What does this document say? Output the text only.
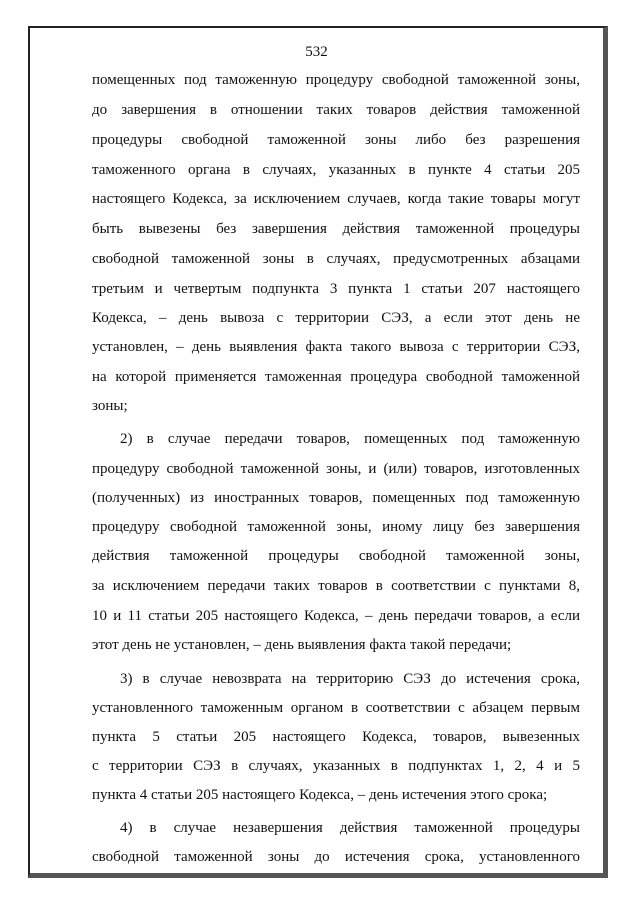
532
помещенных под таможенную процедуру свободной таможенной зоны,
до завершения в отношении таких товаров действия таможенной
процедуры свободной таможенной зоны либо без разрешения
таможенного органа в случаях, указанных в пункте 4 статьи 205
настоящего Кодекса, за исключением случаев, когда такие товары могут
быть вывезены без завершения действия таможенной процедуры
свободной таможенной зоны в случаях, предусмотренных абзацами
третьим и четвертым подпункта 3 пункта 1 статьи 207 настоящего
Кодекса, – день вывоза с территории СЭЗ, а если этот день не
установлен, – день выявления факта такого вывоза с территории СЭЗ,
на которой применяется таможенная процедура свободной таможенной
зоны;
2) в случае передачи товаров, помещенных под таможенную
процедуру свободной таможенной зоны, и (или) товаров, изготовленных
(полученных) из иностранных товаров, помещенных под таможенную
процедуру свободной таможенной зоны, иному лицу без завершения
действия таможенной процедуры свободной таможенной зоны,
за исключением передачи таких товаров в соответствии с пунктами 8,
10 и 11 статьи 205 настоящего Кодекса, – день передачи товаров, а если
этот день не установлен, – день выявления факта такой передачи;
3) в случае невозврата на территорию СЭЗ до истечения срока,
установленного таможенным органом в соответствии с абзацем первым
пункта 5 статьи 205 настоящего Кодекса, товаров, вывезенных
с территории СЭЗ в случаях, указанных в подпунктах 1, 2, 4 и 5
пункта 4 статьи 205 настоящего Кодекса, – день истечения этого срока;
4) в случае незавершения действия таможенной процедуры
свободной таможенной зоны до истечения срока, установленного
